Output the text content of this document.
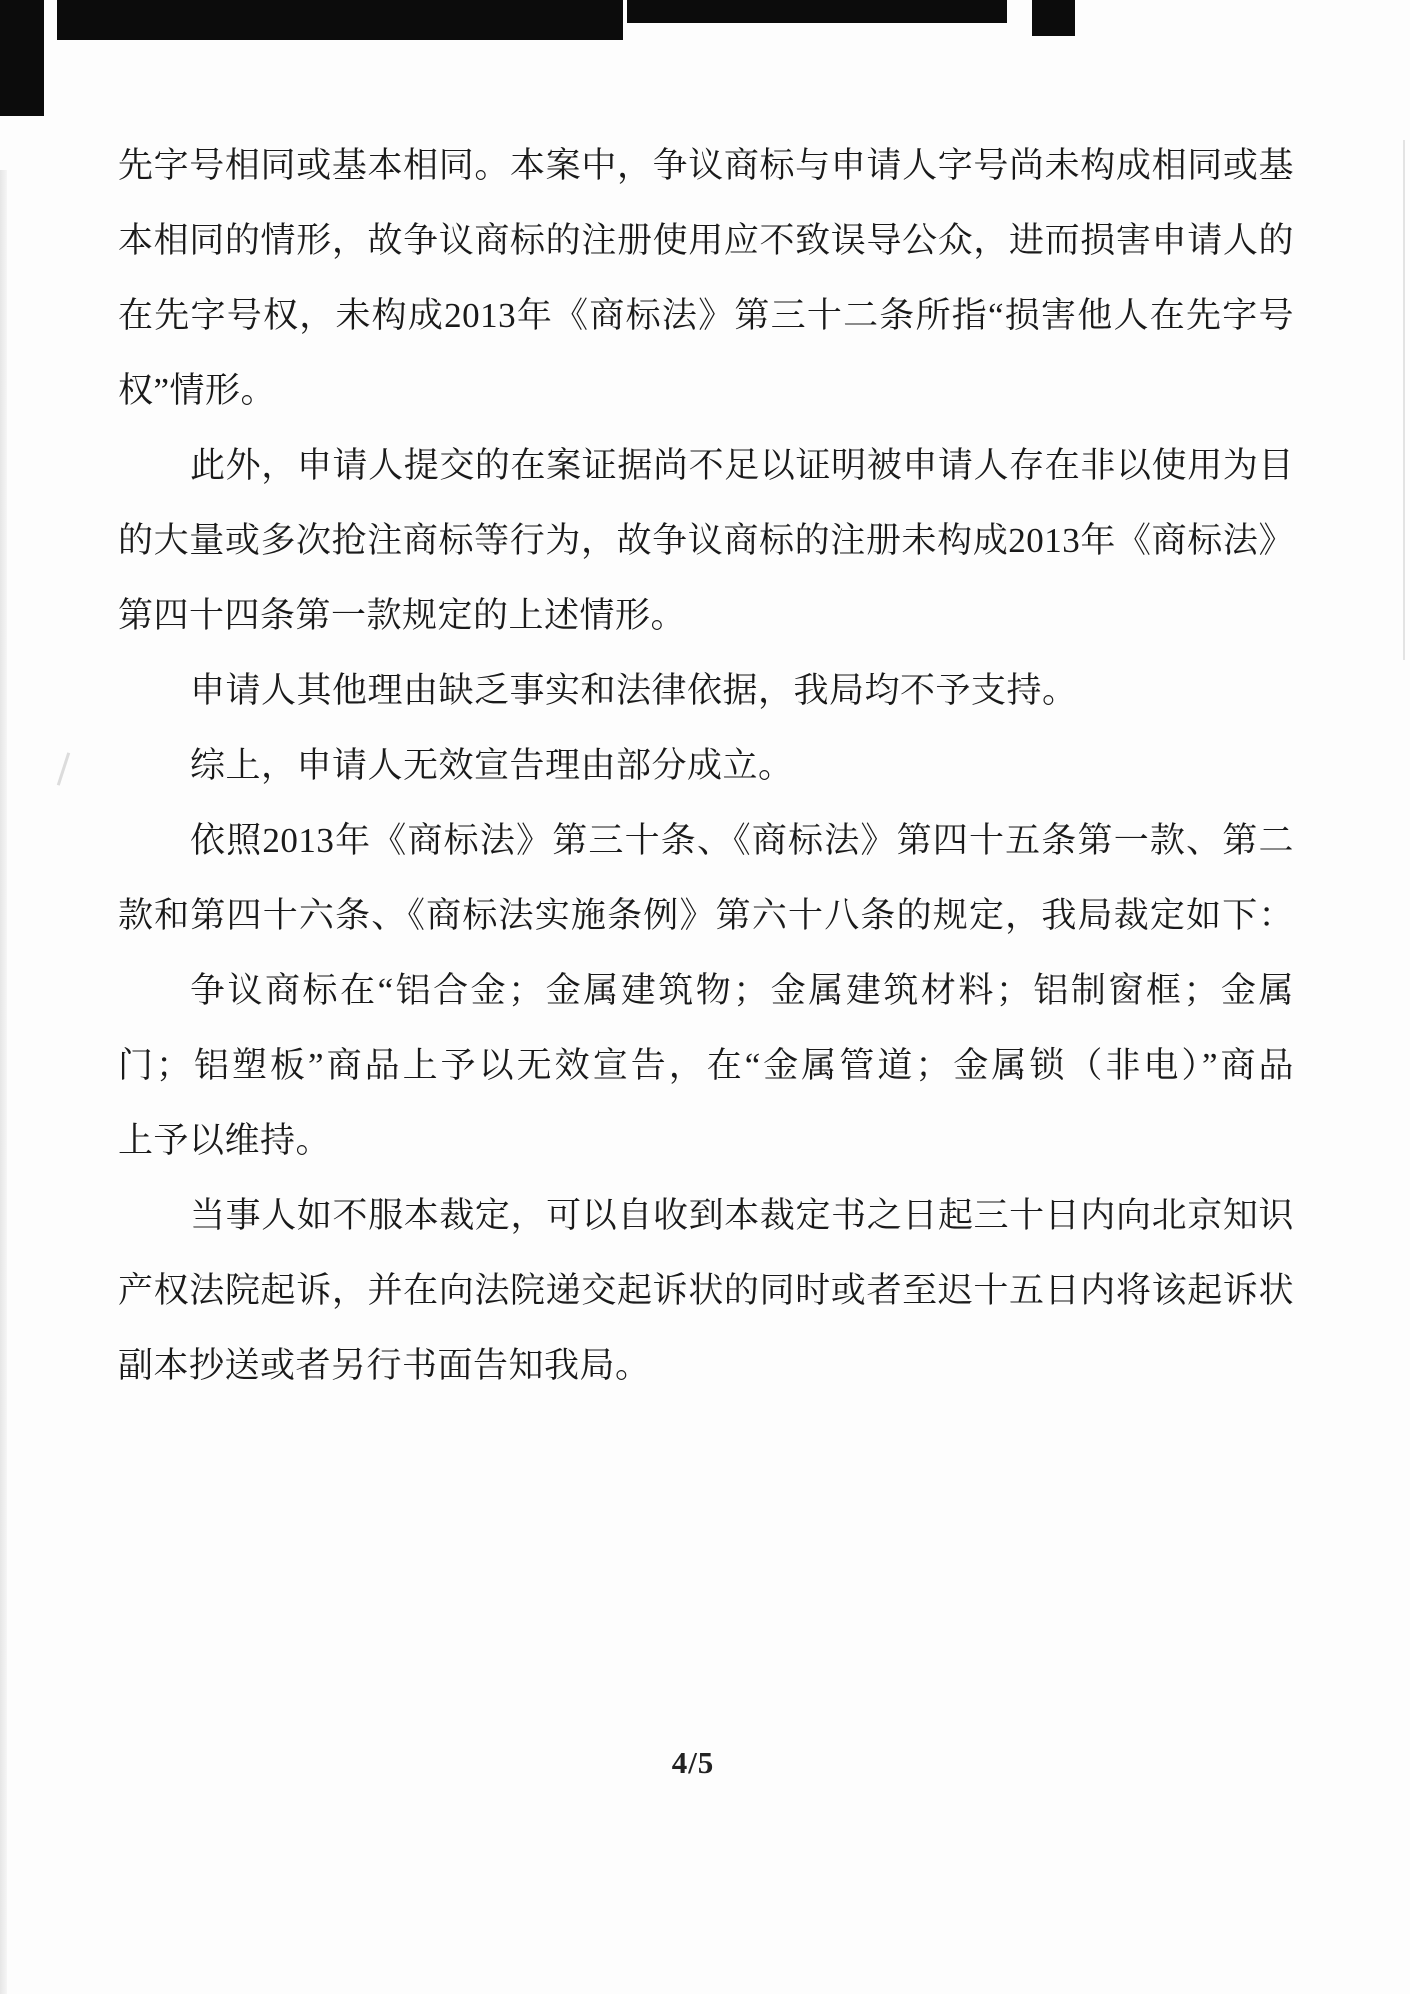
先字号相同或基本相同。本案中，争议商标与申请人字号尚未构成相同或基
本相同的情形，故争议商标的注册使用应不致误导公众，进而损害申请人的
在先字号权，未构成2013年《商标法》第三十二条所指“损害他人在先字号
权”情形。
此外，申请人提交的在案证据尚不足以证明被申请人存在非以使用为目
的大量或多次抢注商标等行为，故争议商标的注册未构成2013年《商标法》
第四十四条第一款规定的上述情形。
申请人其他理由缺乏事实和法律依据，我局均不予支持。
综上，申请人无效宣告理由部分成立。
依照2013年《商标法》第三十条、《商标法》第四十五条第一款、第二
款和第四十六条、《商标法实施条例》第六十八条的规定，我局裁定如下：
争议商标在“铝合金；金属建筑物；金属建筑材料；铝制窗框；金属
门；铝塑板”商品上予以无效宣告，在“金属管道；金属锁（非电）”商品
上予以维持。
当事人如不服本裁定，可以自收到本裁定书之日起三十日内向北京知识
产权法院起诉，并在向法院递交起诉状的同时或者至迟十五日内将该起诉状
副本抄送或者另行书面告知我局。
4/5
